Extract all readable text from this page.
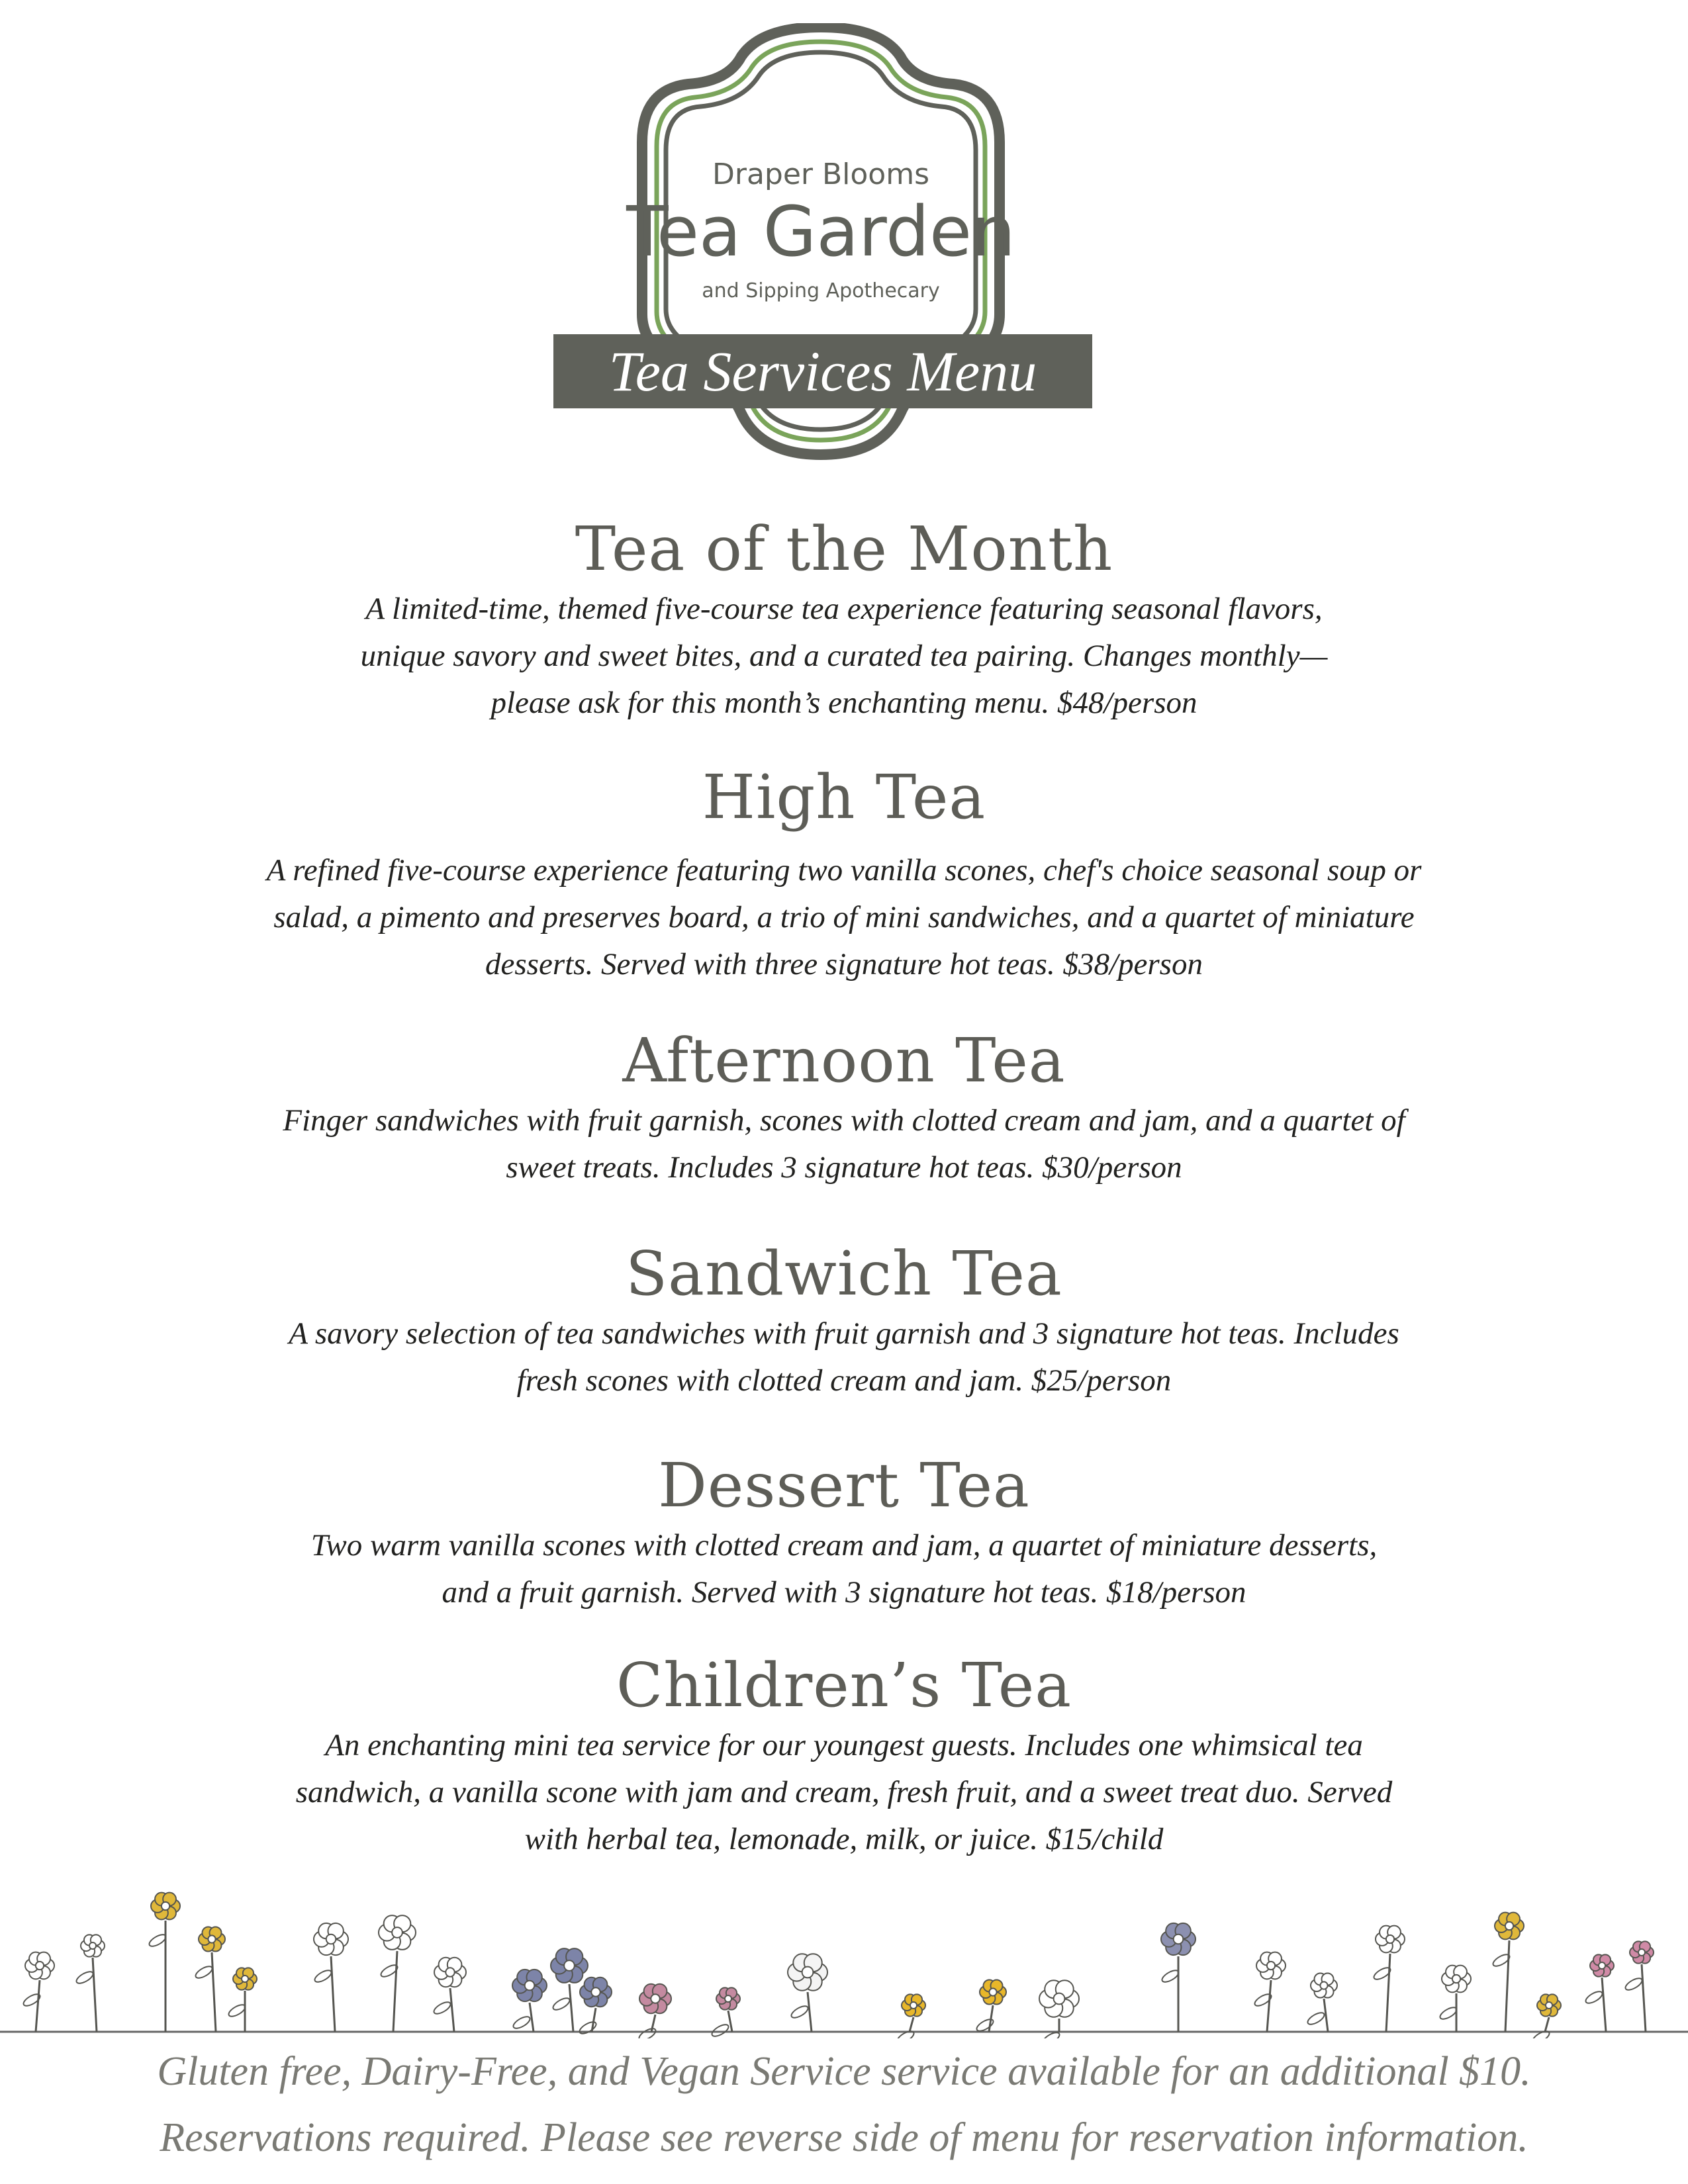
Draper Blooms
Tea Garden
and Sipping Apothecary
Tea Services Menu
Tea of the Month

A limited-time, themed five-course tea experience featuring seasonal flavors, unique savory and sweet bites, and a curated tea pairing. Changes monthly—please ask for this month’s enchanting menu. $48/person

High Tea

A refined five-course experience featuring two vanilla scones, chef's choice seasonal soup or salad, a pimento and preserves board, a trio of mini sandwiches, and a quartet of miniature desserts. Served with three signature hot teas. $38/person

Afternoon Tea

Finger sandwiches with fruit garnish, scones with clotted cream and jam, and a quartet of sweet treats. Includes 3 signature hot teas. $30/person

Sandwich Tea

A savory selection of tea sandwiches with fruit garnish and 3 signature hot teas. Includes fresh scones with clotted cream and jam. $25/person

Dessert Tea

Two warm vanilla scones with clotted cream and jam, a quartet of miniature desserts, and a fruit garnish. Served with 3 signature hot teas. $18/person

Children’s Tea

An enchanting mini tea service for our youngest guests. Includes one whimsical tea sandwich, a vanilla scone with jam and cream, fresh fruit, and a sweet treat duo. Served with herbal tea, lemonade, milk, or juice. $15/child

Gluten free, Dairy-Free, and Vegan Service service available for an additional $10.
Reservations required. Please see reverse side of menu for reservation information.
